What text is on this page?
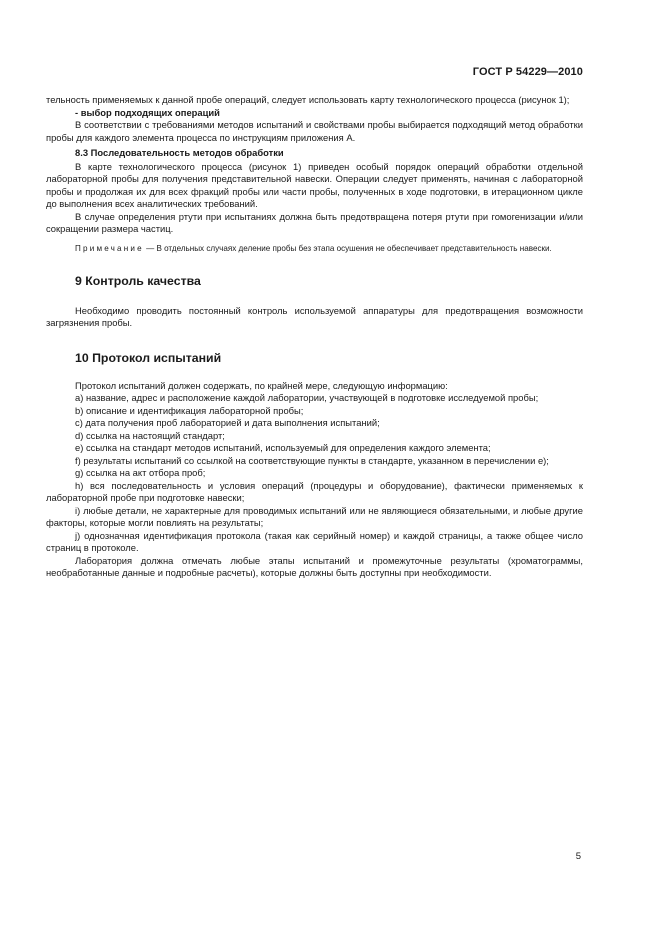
ГОСТ Р 54229—2010

тельность применяемых к данной пробе операций, следует использовать карту технологического процесса (рисунок 1);

- выбор подходящих операций

В соответствии с требованиями методов испытаний и свойствами пробы выбирается подходящий метод обработки пробы для каждого элемента процесса по инструкциям приложения А.

8.3 Последовательность методов обработки

В карте технологического процесса (рисунок 1) приведен особый порядок операций обработки отдельной лабораторной пробы для получения представительной навески. Операции следует применять, начиная с лабораторной пробы и продолжая их для всех фракций пробы или части пробы, полученных в ходе подготовки, в итерационном цикле до выполнения всех аналитических требований.

В случае определения ртути при испытаниях должна быть предотвращена потеря ртути при гомогенизации и/или сокращении размера частиц.

Примечание — В отдельных случаях деление пробы без этапа осушения не обеспечивает представительность навески.

9 Контроль качества

Необходимо проводить постоянный контроль используемой аппаратуры для предотвращения возможности загрязнения пробы.

10 Протокол испытаний

Протокол испытаний должен содержать, по крайней мере, следующую информацию:

a) название, адрес и расположение каждой лаборатории, участвующей в подготовке исследуемой пробы;

b) описание и идентификация лабораторной пробы;

c) дата получения проб лабораторией и дата выполнения испытаний;

d) ссылка на настоящий стандарт;

e) ссылка на стандарт методов испытаний, используемый для определения каждого элемента;

f) результаты испытаний со ссылкой на соответствующие пункты в стандарте, указанном в перечислении е);

g) ссылка на акт отбора проб;

h) вся последовательность и условия операций (процедуры и оборудование), фактически применяемых к лабораторной пробе при подготовке навески;

i) любые детали, не характерные для проводимых испытаний или не являющиеся обязательными, и любые другие факторы, которые могли повлиять на результаты;

j) однозначная идентификация протокола (такая как серийный номер) и каждой страницы, а также общее число страниц в протоколе.

Лаборатория должна отмечать любые этапы испытаний и промежуточные результаты (хроматограммы, необработанные данные и подробные расчеты), которые должны быть доступны при необходимости.

5
